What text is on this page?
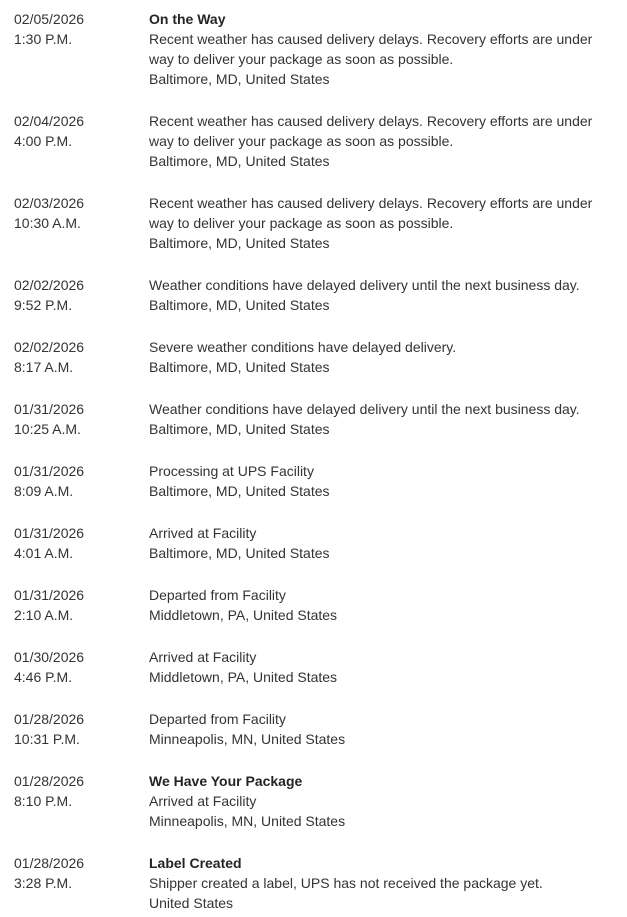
02/05/2026
1:30 P.M.
On the Way
Recent weather has caused delivery delays. Recovery efforts are under way to deliver your package as soon as possible.
Baltimore, MD, United States
02/04/2026
4:00 P.M.
Recent weather has caused delivery delays. Recovery efforts are under way to deliver your package as soon as possible.
Baltimore, MD, United States
02/03/2026
10:30 A.M.
Recent weather has caused delivery delays. Recovery efforts are under way to deliver your package as soon as possible.
Baltimore, MD, United States
02/02/2026
9:52 P.M.
Weather conditions have delayed delivery until the next business day.
Baltimore, MD, United States
02/02/2026
8:17 A.M.
Severe weather conditions have delayed delivery.
Baltimore, MD, United States
01/31/2026
10:25 A.M.
Weather conditions have delayed delivery until the next business day.
Baltimore, MD, United States
01/31/2026
8:09 A.M.
Processing at UPS Facility
Baltimore, MD, United States
01/31/2026
4:01 A.M.
Arrived at Facility
Baltimore, MD, United States
01/31/2026
2:10 A.M.
Departed from Facility
Middletown, PA, United States
01/30/2026
4:46 P.M.
Arrived at Facility
Middletown, PA, United States
01/28/2026
10:31 P.M.
Departed from Facility
Minneapolis, MN, United States
01/28/2026
8:10 P.M.
We Have Your Package
Arrived at Facility
Minneapolis, MN, United States
01/28/2026
3:28 P.M.
Label Created
Shipper created a label, UPS has not received the package yet.
United States
